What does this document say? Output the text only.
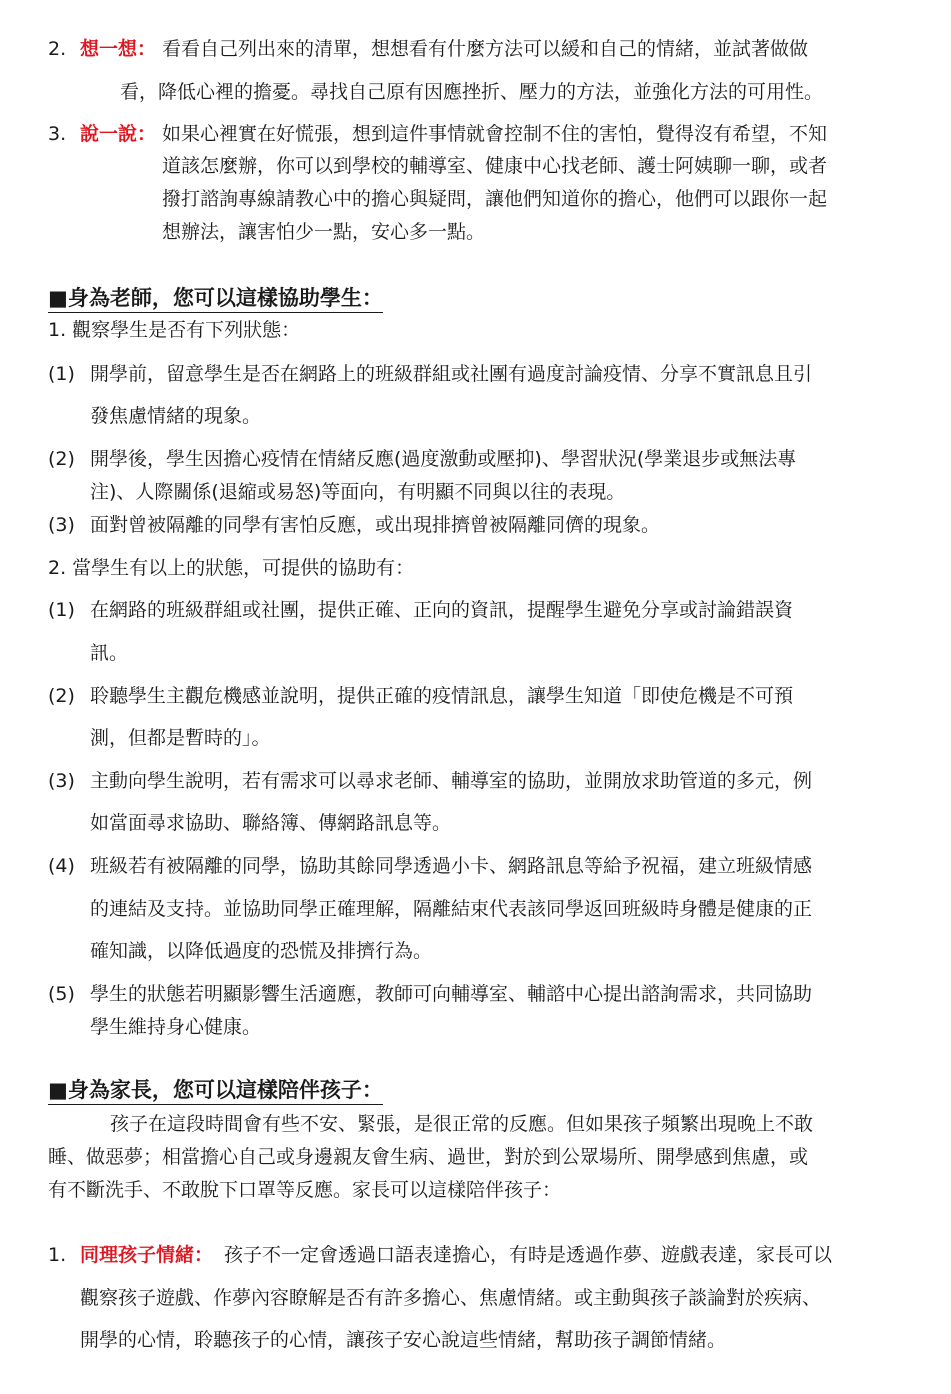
2. 想一想： 看看自己列出來的清單，想想看有什麼方法可以緩和自己的情緒，並試著做做
看，降低心裡的擔憂。尋找自己原有因應挫折、壓力的方法，並強化方法的可用性。
3. 說一說： 如果心裡實在好慌張，想到這件事情就會控制不住的害怕，覺得沒有希望，不知
道該怎麼辦，你可以到學校的輔導室、健康中心找老師、護士阿姨聊一聊，或者
撥打諮詢專線請教心中的擔心與疑問，讓他們知道你的擔心，他們可以跟你一起
想辦法，讓害怕少一點，安心多一點。
■身為老師，您可以這樣協助學生：
1. 觀察學生是否有下列狀態：
(1) 開學前，留意學生是否在網路上的班級群組或社團有過度討論疫情、分享不實訊息且引
發焦慮情緒的現象。
(2) 開學後，學生因擔心疫情在情緒反應(過度激動或壓抑)、學習狀況(學業退步或無法專
注)、人際關係(退縮或易怒)等面向，有明顯不同與以往的表現。
(3) 面對曾被隔離的同學有害怕反應，或出現排擠曾被隔離同儕的現象。
2. 當學生有以上的狀態，可提供的協助有：
(1) 在網路的班級群組或社團，提供正確、正向的資訊，提醒學生避免分享或討論錯誤資
訊。
(2) 聆聽學生主觀危機感並說明，提供正確的疫情訊息，讓學生知道「即使危機是不可預
測，但都是暫時的」。
(3) 主動向學生說明，若有需求可以尋求老師、輔導室的協助，並開放求助管道的多元，例
如當面尋求協助、聯絡簿、傳網路訊息等。
(4) 班級若有被隔離的同學，協助其餘同學透過小卡、網路訊息等給予祝福，建立班級情感
的連結及支持。並協助同學正確理解，隔離結束代表該同學返回班級時身體是健康的正
確知識，以降低過度的恐慌及排擠行為。
(5) 學生的狀態若明顯影響生活適應，教師可向輔導室、輔諮中心提出諮詢需求，共同協助
學生維持身心健康。
■身為家長，您可以這樣陪伴孩子：
孩子在這段時間會有些不安、緊張，是很正常的反應。但如果孩子頻繁出現晚上不敢
睡、做惡夢；相當擔心自己或身邊親友會生病、過世，對於到公眾場所、開學感到焦慮，或
有不斷洗手、不敢脫下口罩等反應。家長可以這樣陪伴孩子：
1. 同理孩子情緒： 孩子不一定會透過口語表達擔心，有時是透過作夢、遊戲表達，家長可以
觀察孩子遊戲、作夢內容瞭解是否有許多擔心、焦慮情緒。或主動與孩子談論對於疾病、
開學的心情，聆聽孩子的心情，讓孩子安心說這些情緒，幫助孩子調節情緒。
